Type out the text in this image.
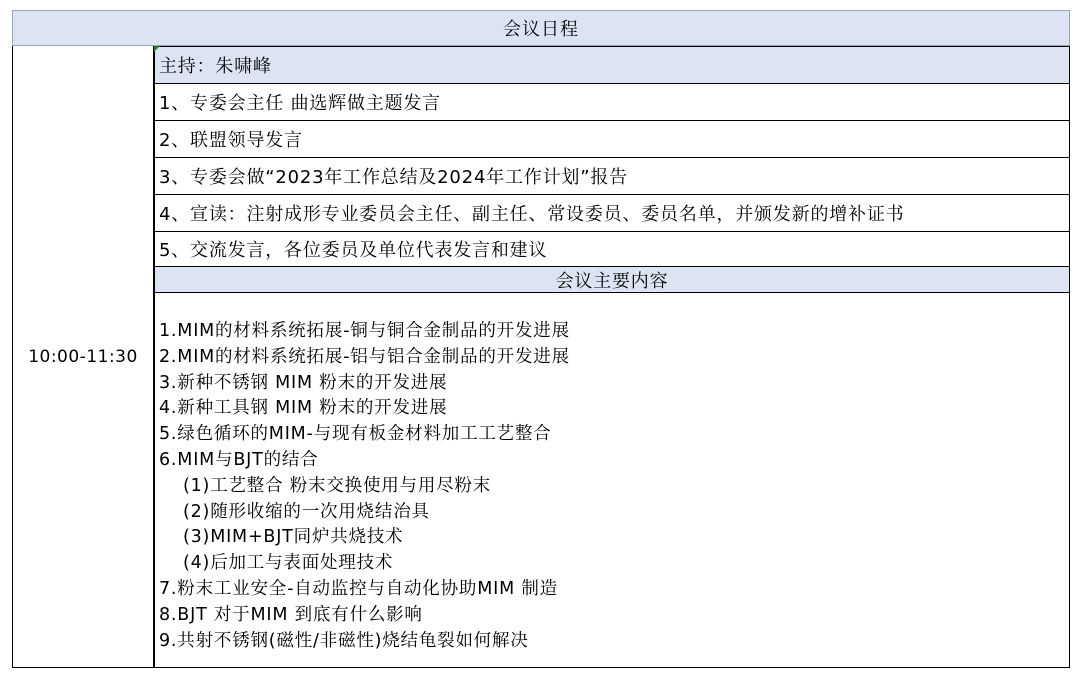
会议日程
10:00-11:30
主持：朱啸峰
1、专委会主任 曲选辉做主题发言
2、联盟领导发言
3、专委会做“2023年工作总结及2024年工作计划”报告
4、宣读：注射成形专业委员会主任、副主任、常设委员、委员名单，并颁发新的增补证书
5、交流发言，各位委员及单位代表发言和建议
会议主要内容
1.MIM的材料系统拓展-铜与铜合金制品的开发进展
2.MIM的材料系统拓展-铝与铝合金制品的开发进展
3.新种不锈钢 MIM 粉末的开发进展
4.新种工具钢 MIM 粉末的开发进展
5.绿色循环的MIM-与现有板金材料加工工艺整合
6.MIM与BJT的结合
(1)工艺整合 粉末交换使用与用尽粉末
(2)随形收缩的一次用烧结治具
(3)MIM+BJT同炉共烧技术
(4)后加工与表面处理技术
7.粉末工业安全-自动监控与自动化协助MIM 制造
8.BJT 对于MIM 到底有什么影响
9.共射不锈钢(磁性/非磁性)烧结龟裂如何解决
